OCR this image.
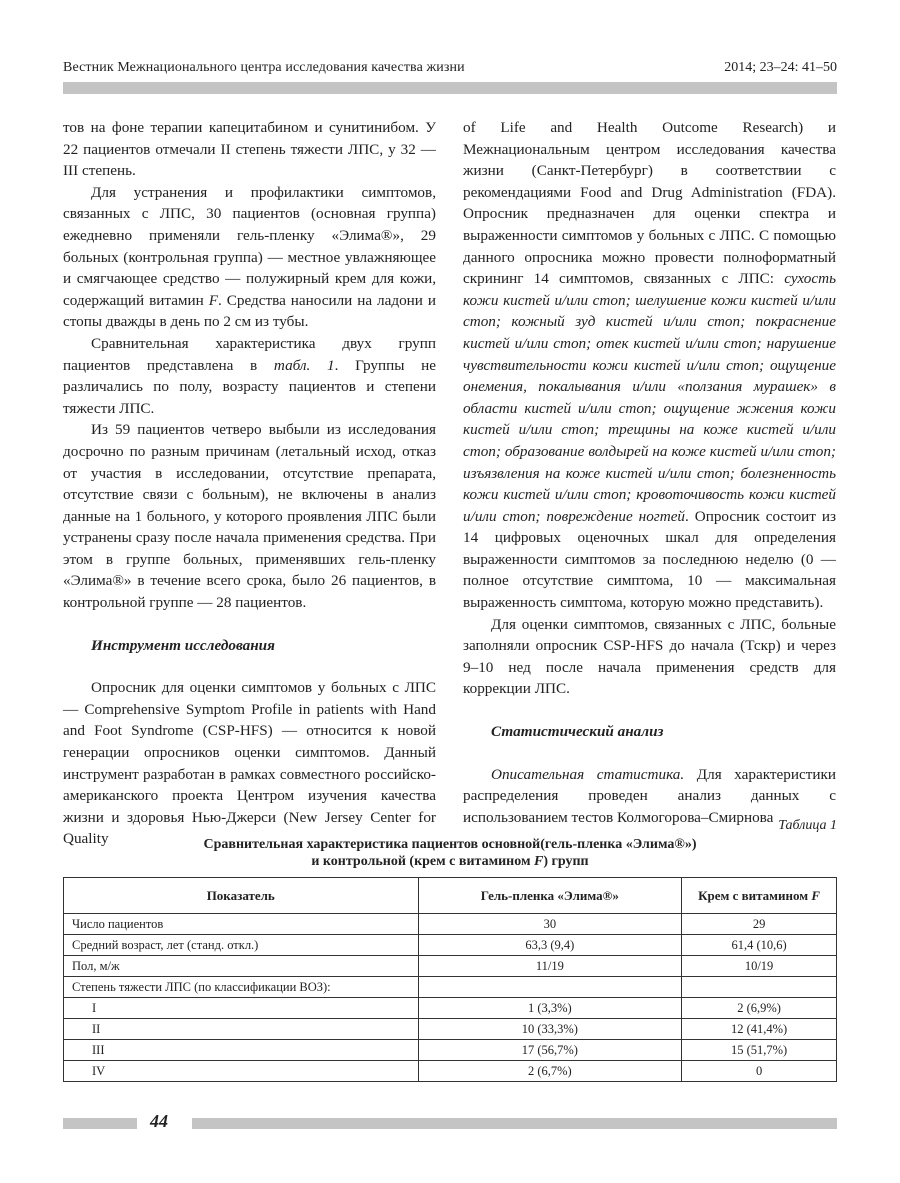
Вестник Межнационального центра исследования качества жизни	2014; 23–24: 41–50

тов на фоне терапии капецитабином и сунитинибом. У 22 пациентов отмечали II степень тяжести ЛПС, у 32 — III степень.

Для устранения и профилактики симптомов, связанных с ЛПС, 30 пациентов (основная группа) ежедневно применяли гель-пленку «Элима®», 29 больных (контрольная группа) — местное увлажняющее и смягчающее средство — полужирный крем для кожи, содержащий витамин F. Средства наносили на ладони и стопы дважды в день по 2 см из тубы.

Сравнительная характеристика двух групп пациентов представлена в табл. 1. Группы не различались по полу, возрасту пациентов и степени тяжести ЛПС.

Из 59 пациентов четверо выбыли из исследования досрочно по разным причинам (летальный исход, отказ от участия в исследовании, отсутствие препарата, отсутствие связи с больным), не включены в анализ данные на 1 больного, у которого проявления ЛПС были устранены сразу после начала применения средства. При этом в группе больных, применявших гель-пленку «Элима®» в течение всего срока, было 26 пациентов, в контрольной группе — 28 пациентов.

Инструмент исследования

Опросник для оценки симптомов у больных с ЛПС — Comprehensive Symptom Profile in patients with Hand and Foot Syndrome (CSP-HFS) — относится к новой генерации опросников оценки симптомов. Данный инструмент разработан в рамках совместного российско-американского проекта Центром изучения качества жизни и здоровья Нью-Джерси (New Jersey Center for Quality

of Life and Health Outcome Research) и Межнациональным центром исследования качества жизни (Санкт-Петербург) в соответствии с рекомендациями Food and Drug Administration (FDA). Опросник предназначен для оценки спектра и выраженности симптомов у больных с ЛПС. С помощью данного опросника можно провести полноформатный скрининг 14 симптомов, связанных с ЛПС: сухость кожи кистей и/или стоп; шелушение кожи кистей и/или стоп; кожный зуд кистей и/или стоп; покраснение кистей и/или стоп; отек кистей и/или стоп; нарушение чувствительности кожи кистей и/или стоп; ощущение онемения, покалывания и/или «ползания мурашек» в области кистей и/или стоп; ощущение жжения кожи кистей и/или стоп; трещины на коже кистей и/или стоп; образование волдырей на коже кистей и/или стоп; изъязвления на коже кистей и/или стоп; болезненность кожи кистей и/или стоп; кровоточивость кожи кистей и/или стоп; повреждение ногтей. Опросник состоит из 14 цифровых оценочных шкал для определения выраженности симптомов за последнюю неделю (0 — полное отсутствие симптома, 10 — максимальная выраженность симптома, которую можно представить).

Для оценки симптомов, связанных с ЛПС, больные заполняли опросник CSP-HFS до начала (Тскр) и через 9–10 нед после начала применения средств для коррекции ЛПС.

Статистический анализ

Описательная статистика. Для характеристики распределения проведен анализ данных с использованием тестов Колмогорова–Смирнова Таблица 1
Сравнительная характеристика пациентов основной(гель-пленка «Элима®»)
и контрольной (крем с витамином F) групп
Показатель	Гель-пленка «Элима®»	Крем с витамином F
Число пациентов	30	29
Средний возраст, лет (станд. откл.)	63,3 (9,4)	61,4 (10,6)
Пол, м/ж	11/19	10/19
Степень тяжести ЛПС (по классификации ВОЗ):		
I	1 (3,3%)	2 (6,9%)
II	10 (33,3%)	12 (41,4%)
III	17 (56,7%)	15 (51,7%)
IV	2 (6,7%)	0
44
